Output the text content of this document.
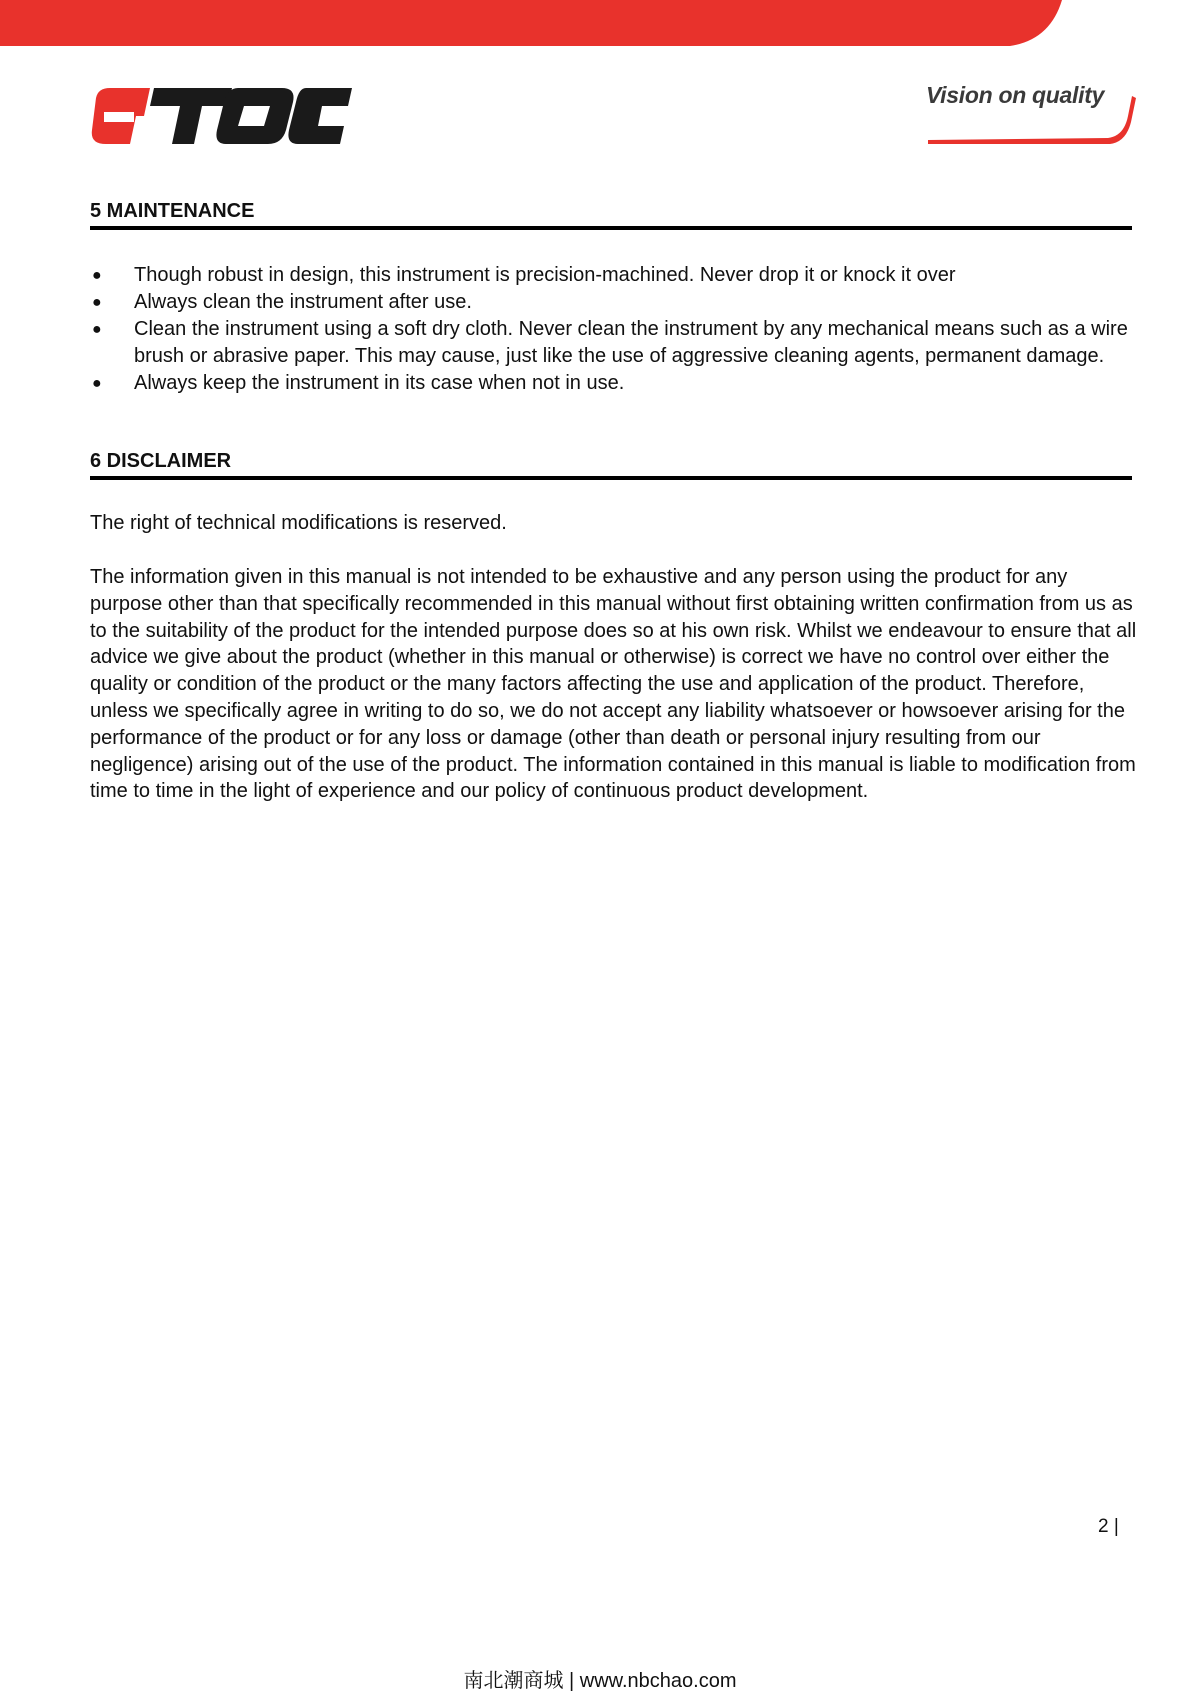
Vision on quality
5 MAINTENANCE
● Though robust in design, this instrument is precision-machined. Never drop it or knock it over
● Always clean the instrument after use.
● Clean the instrument using a soft dry cloth. Never clean the instrument by any mechanical means such as a wire brush or abrasive paper. This may cause, just like the use of aggressive cleaning agents, permanent damage.
● Always keep the instrument in its case when not in use.
6 DISCLAIMER

The right of technical modifications is reserved.

The information given in this manual is not intended to be exhaustive and any person using the product for any purpose other than that specifically recommended in this manual without first obtaining written confirmation from us as to the suitability of the product for the intended purpose does so at his own risk. Whilst we endeavour to ensure that all advice we give about the product (whether in this manual or otherwise) is correct we have no control over either the quality or condition of the product or the many factors affecting the use and application of the product. Therefore, unless we specifically agree in writing to do so, we do not accept any liability whatsoever or howsoever arising for the performance of the product or for any loss or damage (other than death or personal injury resulting from our negligence) arising out of the use of the product. The information contained in this manual is liable to modification from time to time in the light of experience and our policy of continuous product development.

2 |
南北潮商城 | www.nbchao.com
